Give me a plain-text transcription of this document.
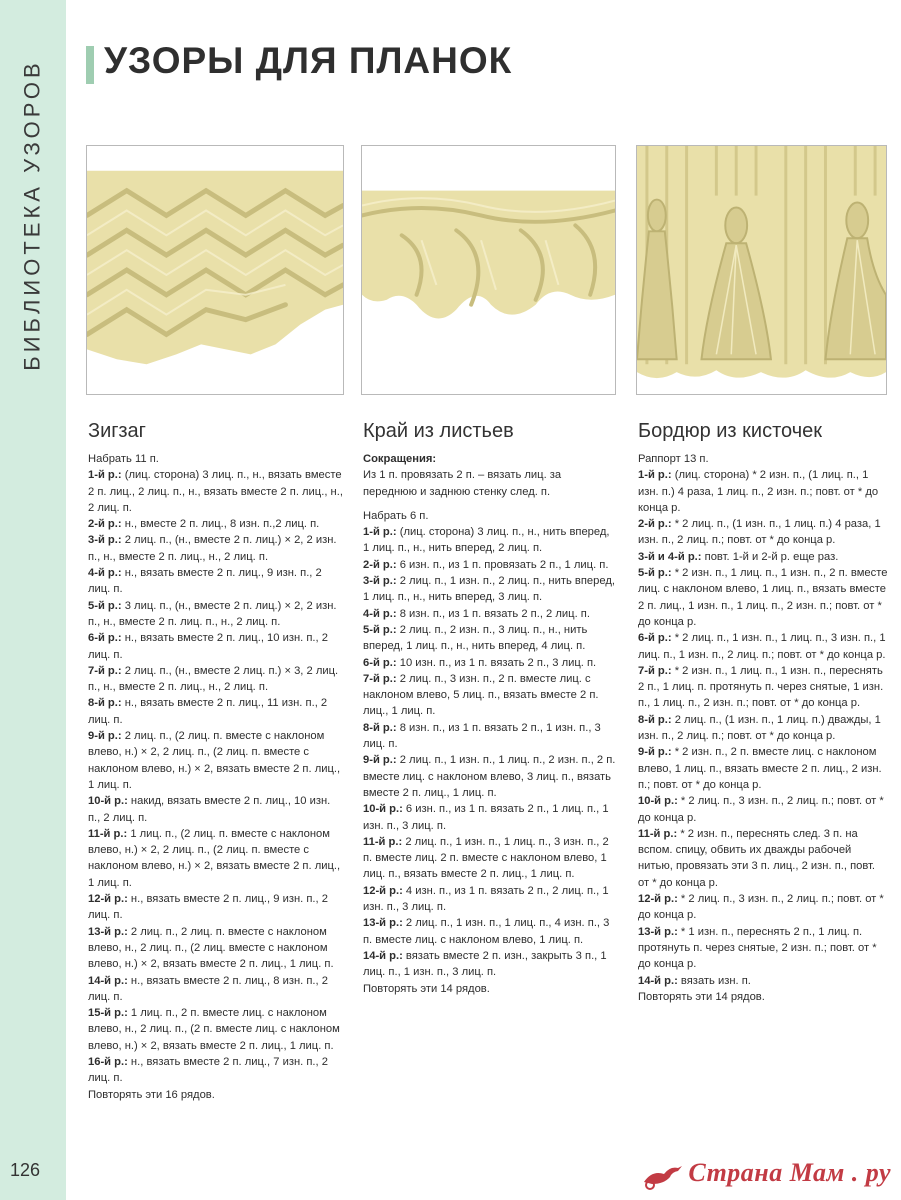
БИБЛИОТЕКА УЗОРОВ
126
УЗОРЫ ДЛЯ ПЛАНОК
Зигзаг

Набрать 11 п.

1-й р.: (лиц. сторона) 3 лиц. п., н., вязать вместе 2 п. лиц., 2 лиц. п., н., вязать вместе 2 п. лиц., н., 2 лиц. п.

2-й р.: н., вместе 2 п. лиц., 8 изн. п.,2 лиц. п.

3-й р.: 2 лиц. п., (н., вместе 2 п. лиц.) × 2, 2 изн. п., н., вместе 2 п. лиц., н., 2 лиц. п.

4-й р.: н., вязать вместе 2 п. лиц., 9 изн. п., 2 лиц. п.

5-й р.: 3 лиц. п., (н., вместе 2 п. лиц.) × 2, 2 изн. п., н., вместе 2 п. лиц. п., н., 2 лиц. п.

6-й р.: н., вязать вместе 2 п. лиц., 10 изн. п., 2 лиц. п.

7-й р.: 2 лиц. п., (н., вместе 2 лиц. п.) × 3, 2 лиц. п., н., вместе 2 п. лиц., н., 2 лиц. п.

8-й р.: н., вязать вместе 2 п. лиц., 11 изн. п., 2 лиц. п.

9-й р.: 2 лиц. п., (2 лиц. п. вместе с наклоном влево, н.) × 2, 2 лиц. п., (2 лиц. п. вместе с наклоном влево, н.) × 2, вязать вместе 2 п. лиц., 1 лиц. п.

10-й р.: накид, вязать вместе 2 п. лиц., 10 изн. п., 2 лиц. п.

11-й р.: 1 лиц. п., (2 лиц. п. вместе с наклоном влево, н.) × 2, 2 лиц. п., (2 лиц. п. вместе с наклоном влево, н.) × 2, вязать вместе 2 п. лиц., 1 лиц. п.

12-й р.: н., вязать вместе 2 п. лиц., 9 изн. п., 2 лиц. п.

13-й р.: 2 лиц. п., 2 лиц. п. вместе с наклоном влево, н., 2 лиц. п., (2 лиц. вместе с наклоном влево, н.) × 2, вязать вместе 2 п. лиц., 1 лиц. п.

14-й р.: н., вязать вместе 2 п. лиц., 8 изн. п., 2 лиц. п.

15-й р.: 1 лиц. п., 2 п. вместе лиц. с наклоном влево, н., 2 лиц. п., (2 п. вместе лиц. с наклоном влево, н.) × 2, вязать вместе 2 п. лиц., 1 лиц. п.

16-й р.: н., вязать вместе 2 п. лиц., 7 изн. п., 2 лиц. п.

Повторять эти 16 рядов.

Край из листьев

Сокращения:

Из 1 п. провязать 2 п. – вязать лиц. за переднюю и заднюю стенку след. п.

Набрать 6 п.

1-й р.: (лиц. сторона) 3 лиц. п., н., нить вперед, 1 лиц. п., н., нить вперед, 2 лиц. п.

2-й р.: 6 изн. п., из 1 п. провязать 2 п., 1 лиц. п.

3-й р.: 2 лиц. п., 1 изн. п., 2 лиц. п., нить вперед, 1 лиц. п., н., нить вперед, 3 лиц. п.

4-й р.: 8 изн. п., из 1 п. вязать 2 п., 2 лиц. п.

5-й р.: 2 лиц. п., 2 изн. п., 3 лиц. п., н., нить вперед, 1 лиц. п., н., нить вперед, 4 лиц. п.

6-й р.: 10 изн. п., из 1 п. вязать 2 п., 3 лиц. п.

7-й р.: 2 лиц. п., 3 изн. п., 2 п. вместе лиц. с наклоном влево, 5 лиц. п., вязать вместе 2 п. лиц., 1 лиц. п.

8-й р.: 8 изн. п., из 1 п. вязать 2 п., 1 изн. п., 3 лиц. п.

9-й р.: 2 лиц. п., 1 изн. п., 1 лиц. п., 2 изн. п., 2 п. вместе лиц. с наклоном влево, 3 лиц. п., вязать вместе 2 п. лиц., 1 лиц. п.

10-й р.: 6 изн. п., из 1 п. вязать 2 п., 1 лиц. п., 1 изн. п., 3 лиц. п.

11-й р.: 2 лиц. п., 1 изн. п., 1 лиц. п., 3 изн. п., 2 п. вместе лиц. 2 п. вместе с наклоном влево, 1 лиц. п., вязать вместе 2 п. лиц., 1 лиц. п.

12-й р.: 4 изн. п., из 1 п. вязать 2 п., 2 лиц. п., 1 изн. п., 3 лиц. п.

13-й р.: 2 лиц. п., 1 изн. п., 1 лиц. п., 4 изн. п., 3 п. вместе лиц. с наклоном влево, 1 лиц. п.

14-й р.: вязать вместе 2 п. изн., закрыть 3 п., 1 лиц. п., 1 изн. п., 3 лиц. п.

Повторять эти 14 рядов.

Бордюр из кисточек

Раппорт 13 п.

1-й р.: (лиц. сторона) * 2 изн. п., (1 лиц. п., 1 изн. п.) 4 раза, 1 лиц. п., 2 изн. п.; повт. от * до конца р.

2-й р.: * 2 лиц. п., (1 изн. п., 1 лиц. п.) 4 раза, 1 изн. п., 2 лиц. п.; повт. от * до конца р.

3-й и 4-й р.: повт. 1-й и 2-й р. еще раз.

5-й р.: * 2 изн. п., 1 лиц. п., 1 изн. п., 2 п. вместе лиц. с наклоном влево, 1 лиц. п., вязать вместе 2 п. лиц., 1 изн. п., 1 лиц. п., 2 изн. п.; повт. от * до конца р.

6-й р.: * 2 лиц. п., 1 изн. п., 1 лиц. п., 3 изн. п., 1 лиц. п., 1 изн. п., 2 лиц. п.; повт. от * до конца р.

7-й р.: * 2 изн. п., 1 лиц. п., 1 изн. п., переснять 2 п., 1 лиц. п. протянуть п. через снятые, 1 изн. п., 1 лиц. п., 2 изн. п.; повт. от * до конца р.

8-й р.: 2 лиц. п., (1 изн. п., 1 лиц. п.) дважды, 1 изн. п., 2 лиц. п.; повт. от * до конца р.

9-й р.: * 2 изн. п., 2 п. вместе лиц. с наклоном влево, 1 лиц. п., вязать вместе 2 п. лиц., 2 изн. п.; повт. от * до конца р.

10-й р.: * 2 лиц. п., 3 изн. п., 2 лиц. п.; повт. от * до конца р.

11-й р.: * 2 изн. п., переснять след. 3 п. на вспом. спицу, обвить их дважды рабочей нитью, провязать эти 3 п. лиц., 2 изн. п., повт. от * до конца р.

12-й р.: * 2 лиц. п., 3 изн. п., 2 лиц. п.; повт. от * до конца р.

13-й р.: * 1 изн. п., переснять 2 п., 1 лиц. п. протянуть п. через снятые, 2 изн. п.; повт. от * до конца р.

14-й р.: вязать изн. п.

Повторять эти 14 рядов.

Страна Мам . ру
